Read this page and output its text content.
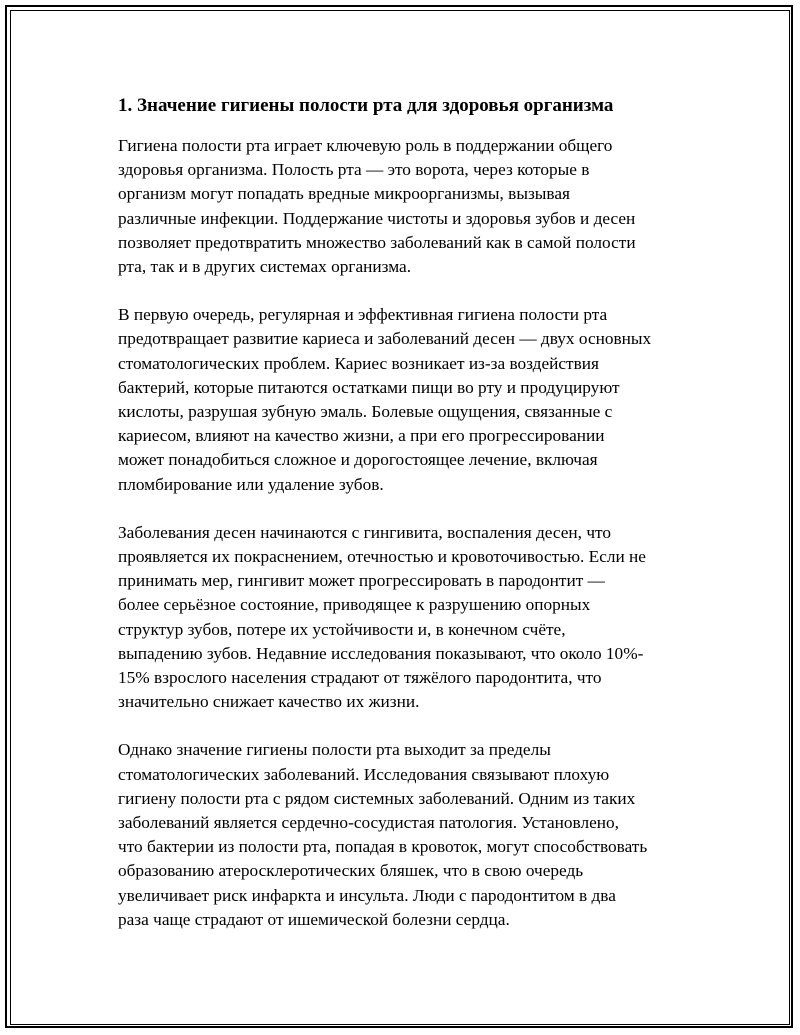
1. Значение гигиены полости рта для здоровья организма

Гигиена полости рта играет ключевую роль в поддержании общего
здоровья организма. Полость рта — это ворота, через которые в
организм могут попадать вредные микроорганизмы, вызывая
различные инфекции. Поддержание чистоты и здоровья зубов и десен
позволяет предотвратить множество заболеваний как в самой полости
рта, так и в других системах организма.

В первую очередь, регулярная и эффективная гигиена полости рта
предотвращает развитие кариеса и заболеваний десен — двух основных
стоматологических проблем. Кариес возникает из-за воздействия
бактерий, которые питаются остатками пищи во рту и продуцируют
кислоты, разрушая зубную эмаль. Болевые ощущения, связанные с
кариесом, влияют на качество жизни, а при его прогрессировании
может понадобиться сложное и дорогостоящее лечение, включая
пломбирование или удаление зубов.

Заболевания десен начинаются с гингивита, воспаления десен, что
проявляется их покраснением, отечностью и кровоточивостью. Если не
принимать мер, гингивит может прогрессировать в пародонтит —
более серьёзное состояние, приводящее к разрушению опорных
структур зубов, потере их устойчивости и, в конечном счёте,
выпадению зубов. Недавние исследования показывают, что около 10%-
15% взрослого населения страдают от тяжёлого пародонтита, что
значительно снижает качество их жизни.

Однако значение гигиены полости рта выходит за пределы
стоматологических заболеваний. Исследования связывают плохую
гигиену полости рта с рядом системных заболеваний. Одним из таких
заболеваний является сердечно-сосудистая патология. Установлено,
что бактерии из полости рта, попадая в кровоток, могут способствовать
образованию атеросклеротических бляшек, что в свою очередь
увеличивает риск инфаркта и инсульта. Люди с пародонтитом в два
раза чаще страдают от ишемической болезни сердца.
